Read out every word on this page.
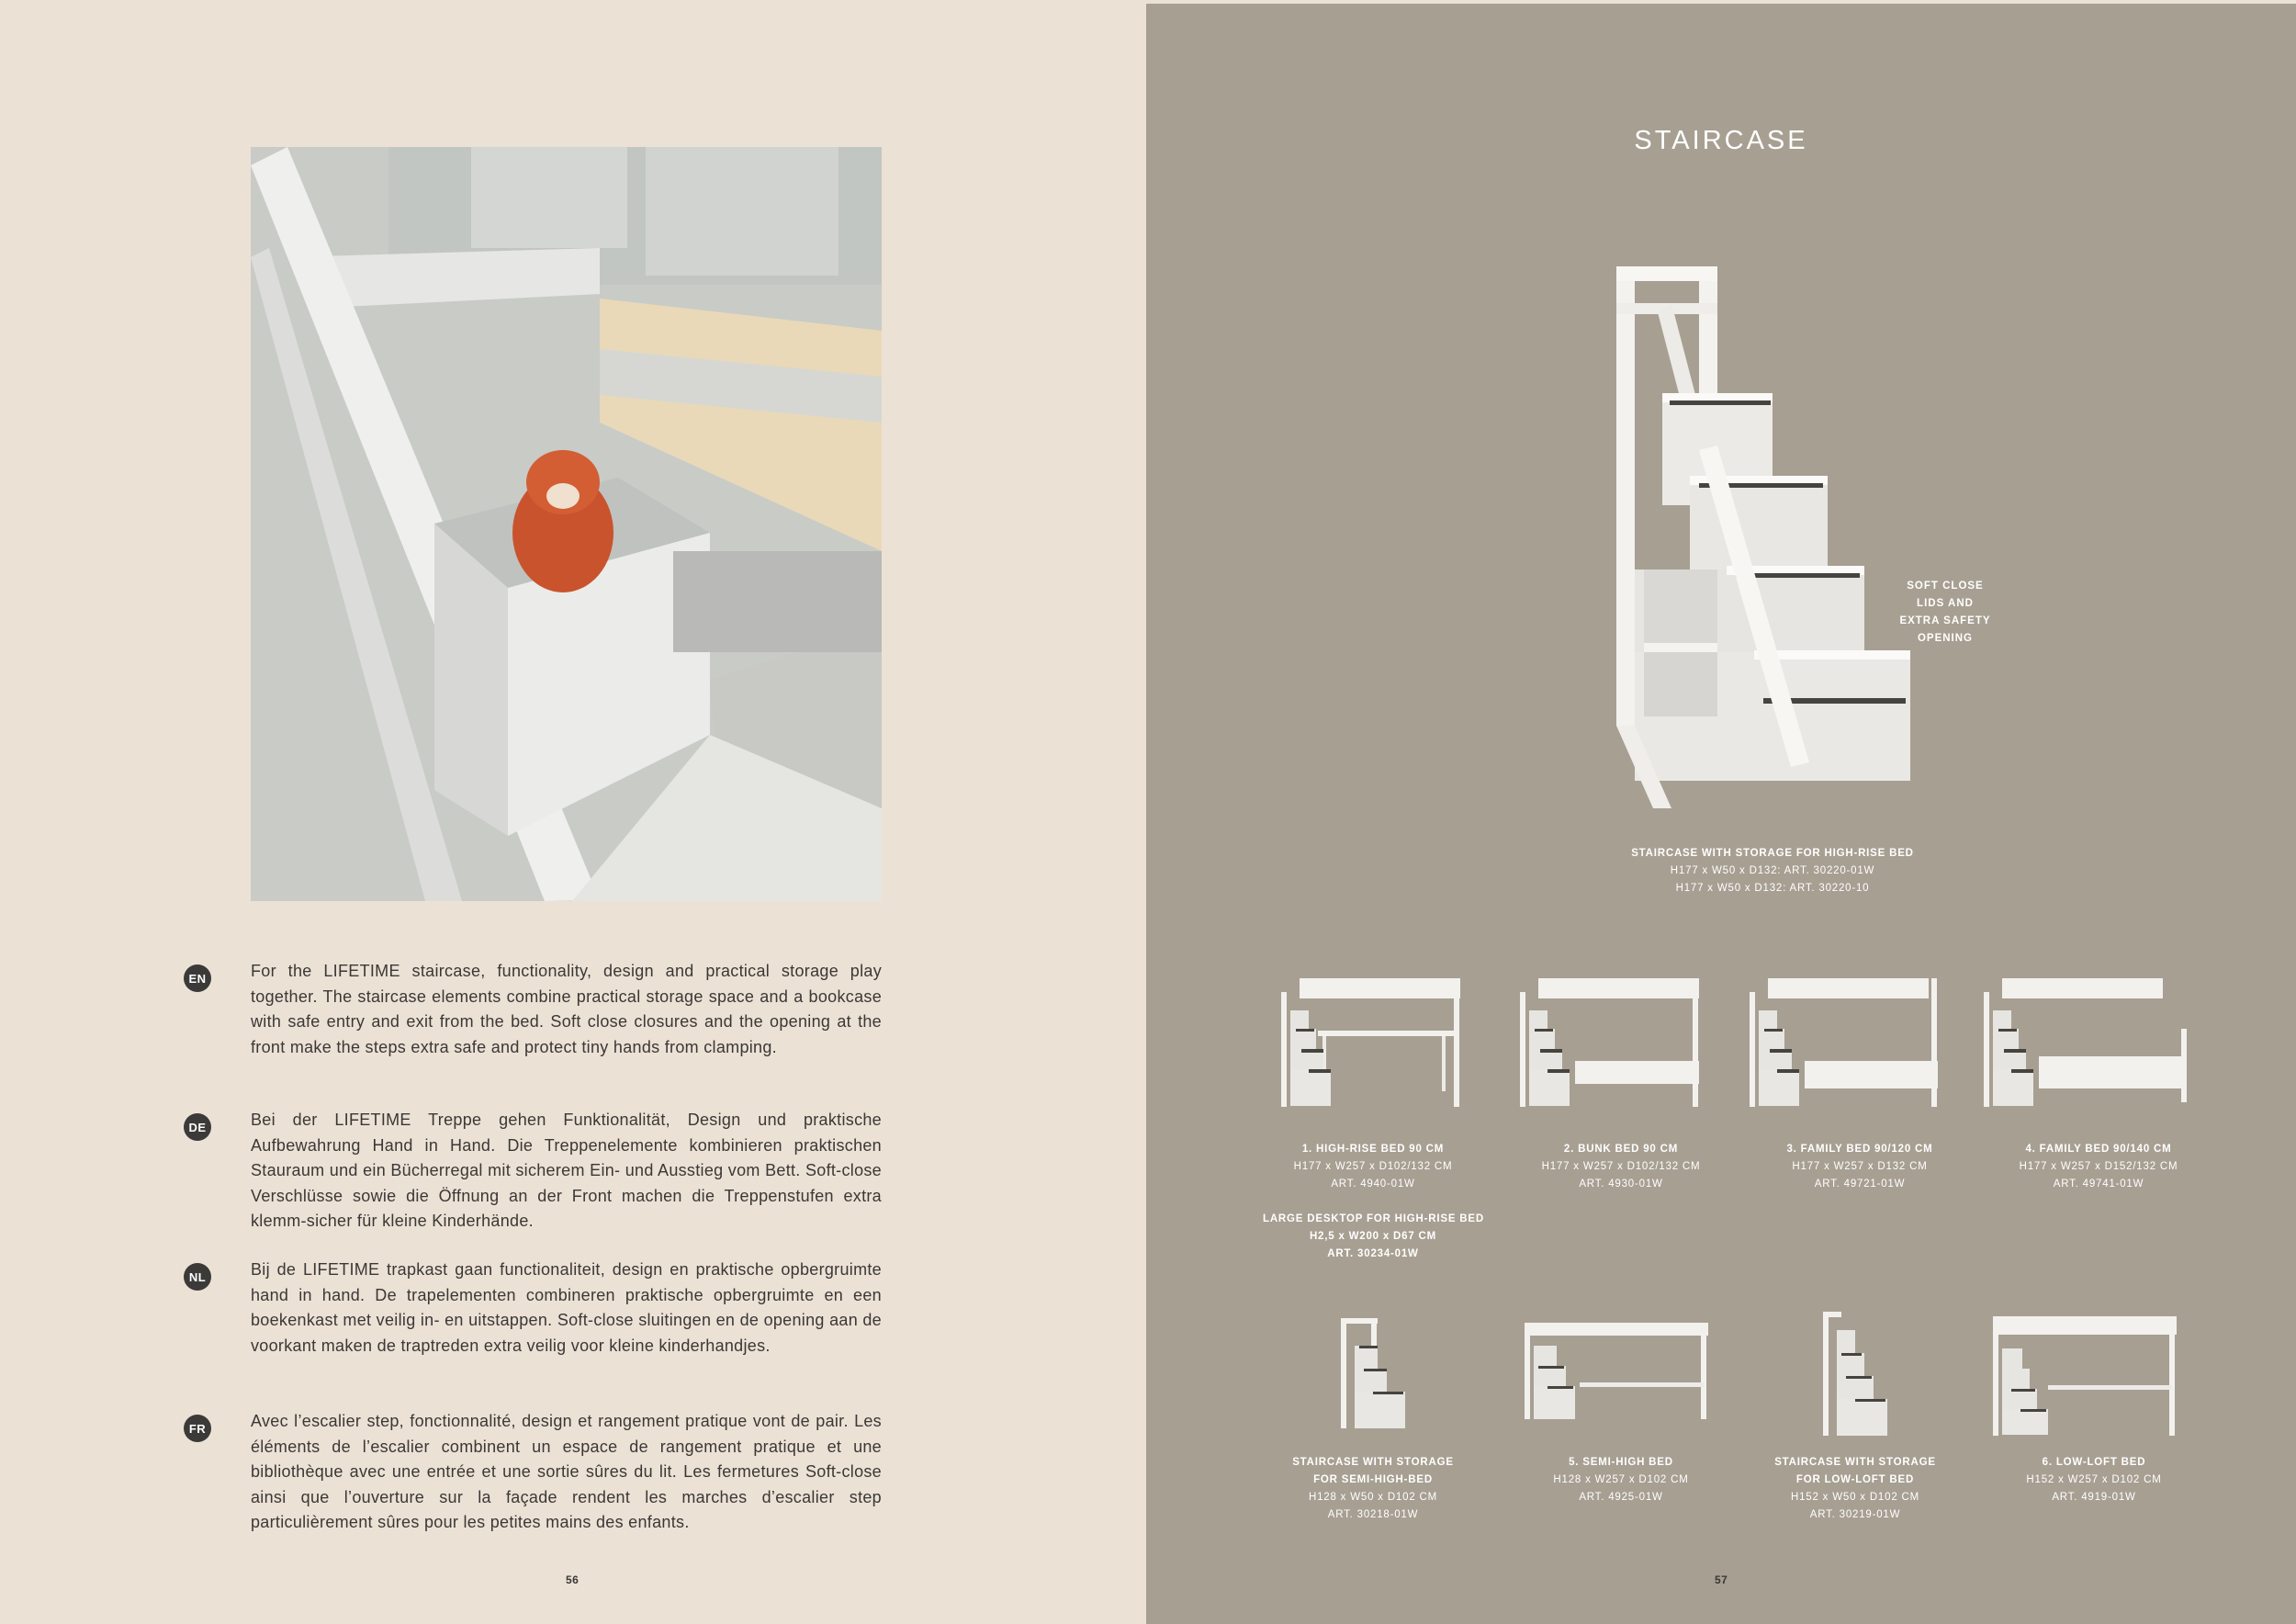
EN	For the LIFETIME staircase, functionality, design and practical storage play together. The staircase elements combine practical storage space and a bookcase with safe entry and exit from the bed. Soft close closures and the opening at the front make the steps extra safe and protect tiny hands from clamping.
DE	Bei der LIFETIME Treppe gehen Funktionalität, Design und praktische Aufbewahrung Hand in Hand. Die Treppenelemente kombinieren praktischen Stauraum und ein Bücherregal mit sicherem Ein- und Ausstieg vom Bett. Soft-close Verschlüsse sowie die Öffnung an der Front machen die Treppenstufen extra klemm-sicher für kleine Kinderhände.
NL	Bij de LIFETIME trapkast gaan functionaliteit, design en praktische opbergruimte hand in hand. De trapelementen combineren praktische opbergruimte en een boekenkast met veilig in- en uitstappen. Soft-close sluitingen en de opening aan de voorkant maken de traptreden extra veilig voor kleine kinderhandjes.
FR	Avec l’escalier step, fonctionnalité, design et rangement pratique vont de pair. Les éléments de l’escalier combinent un espace de rangement pratique et une bibliothèque avec une entrée et une sortie sûres du lit. Les fermetures Soft-close ainsi que l’ouverture sur la façade rendent les marches d’escalier step particulièrement sûres pour les petites mains des enfants.
56
STAIRCASE
SOFT CLOSE
LIDS AND
EXTRA SAFETY
OPENING
STAIRCASE WITH STORAGE FOR HIGH-RISE BED
H177 x W50 x D132: ART. 30220-01W
H177 x W50 x D132: ART. 30220-10
1. HIGH-RISE BED 90 CM
H177 x W257 x D102/132 CM
ART. 4940-01W
2. BUNK BED 90 CM
H177 x W257 x D102/132 CM
ART. 4930-01W
3. FAMILY BED 90/120 CM
H177 x W257 x D132 CM
ART. 49721-01W
4. FAMILY BED 90/140 CM
H177 x W257 x D152/132 CM
ART. 49741-01W
LARGE DESKTOP FOR HIGH-RISE BED
H2,5 x W200 x D67 CM
ART. 30234-01W
STAIRCASE WITH STORAGE
FOR SEMI-HIGH-BED
H128 x W50 x D102 CM
ART. 30218-01W
5. SEMI-HIGH BED
H128 x W257 x D102 CM
ART. 4925-01W
STAIRCASE WITH STORAGE
FOR LOW-LOFT BED
H152 x W50 x D102 CM
ART. 30219-01W
6. LOW-LOFT BED
H152 x W257 x D102 CM
ART. 4919-01W
57
